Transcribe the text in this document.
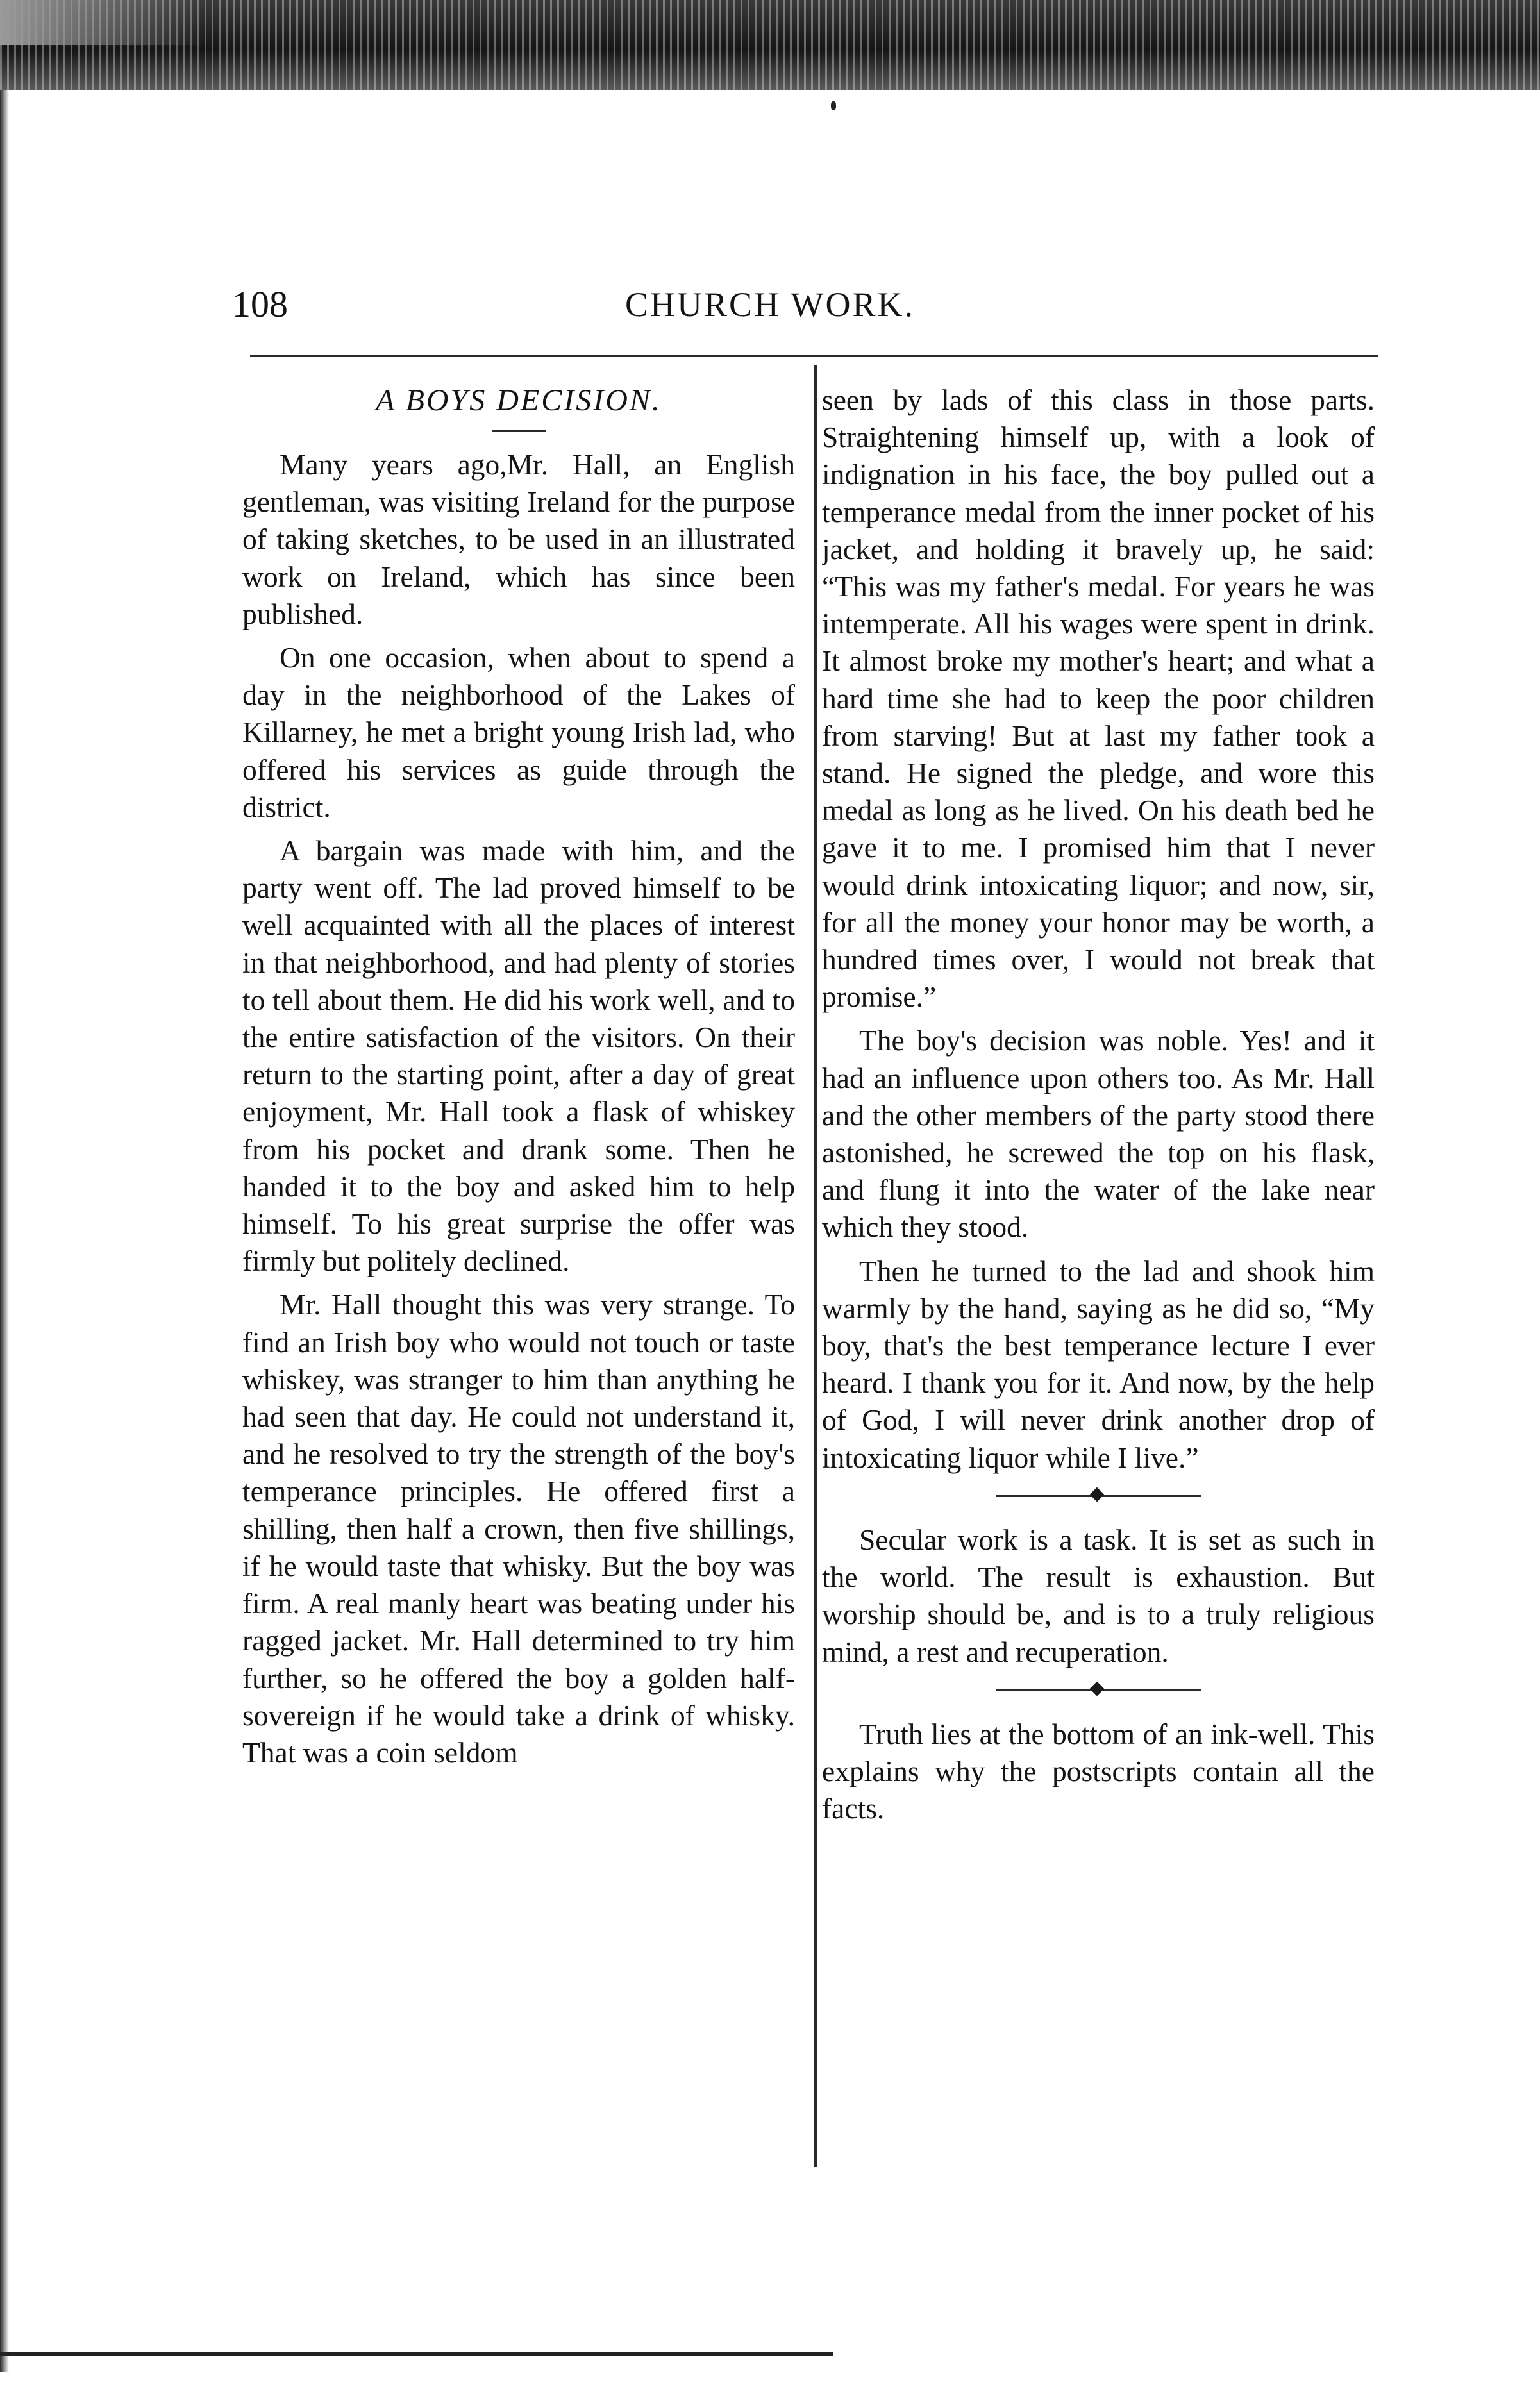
108	CHURCH WORK.
A BOYS DECISION.

Many years ago,Mr. Hall, an English gentleman, was visiting Ireland for the purpose of taking sketches, to be used in an illustrated work on Ireland, which has since been published.

On one occasion, when about to spend a day in the neighborhood of the Lakes of Killarney, he met a bright young Irish lad, who offered his services as guide through the district.

A bargain was made with him, and the party went off. The lad proved himself to be well acquainted with all the places of interest in that neighborhood, and had plenty of stories to tell about them. He did his work well, and to the entire satisfaction of the visitors. On their return to the starting point, after a day of great enjoyment, Mr. Hall took a flask of whiskey from his pocket and drank some. Then he handed it to the boy and asked him to help himself. To his great surprise the offer was firmly but politely declined.

Mr. Hall thought this was very strange. To find an Irish boy who would not touch or taste whiskey, was stranger to him than anything he had seen that day. He could not understand it, and he resolved to try the strength of the boy's temperance principles. He offered first a shilling, then half a crown, then five shillings, if he would taste that whisky. But the boy was firm. A real manly heart was beating under his ragged jacket. Mr. Hall determined to try him further, so he offered the boy a golden half-sovereign if he would take a drink of whisky. That was a coin seldom

seen by lads of this class in those parts. Straightening himself up, with a look of indignation in his face, the boy pulled out a temperance medal from the inner pocket of his jacket, and holding it bravely up, he said: “This was my father's medal. For years he was intemperate. All his wages were spent in drink. It almost broke my mother's heart; and what a hard time she had to keep the poor children from starving! But at last my father took a stand. He signed the pledge, and wore this medal as long as he lived. On his death bed he gave it to me. I promised him that I never would drink intoxicating liquor; and now, sir, for all the money your honor may be worth, a hundred times over, I would not break that promise.”

The boy's decision was noble. Yes! and it had an influence upon others too. As Mr. Hall and the other members of the party stood there astonished, he screwed the top on his flask, and flung it into the water of the lake near which they stood.

Then he turned to the lad and shook him warmly by the hand, saying as he did so, “My boy, that's the best temperance lecture I ever heard. I thank you for it. And now, by the help of God, I will never drink another drop of intoxicating liquor while I live.”

Secular work is a task. It is set as such in the world. The result is exhaustion. But worship should be, and is to a truly religious mind, a rest and recuperation.

Truth lies at the bottom of an ink-well. This explains why the postscripts contain all the facts.
